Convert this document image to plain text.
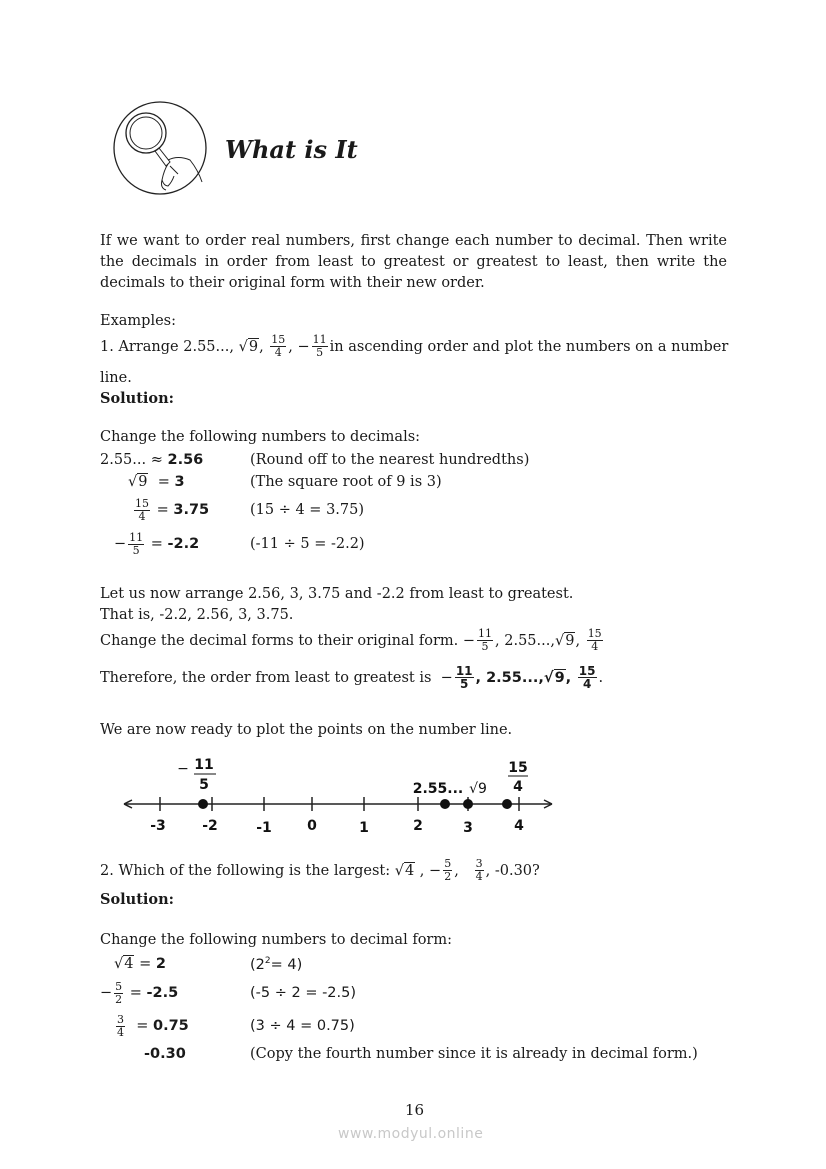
What is It
If we want to order real numbers, first change each number to decimal. Then write the decimals in order from least to greatest or greatest to least, then write the decimals to their original form with their new order.
Examples:
1. Arrange 2.55...,
√9 , $\frac{15}{4}$ , − $\frac{11}{5}$ in ascending order and plot the numbers on a number
line.
Solution:
Change the following numbers to decimals:
2.55... ≈ 2.56	(Round off to the nearest hundredths)
√9 = 3	(The square root of 9 is 3)
$\frac{15}{4}$
=
3.75	(15 ÷ 4 = 3.75)
− $\frac{11}{5}$
=
-2.2	(-11 ÷ 5 = -2.2)
Let us now arrange 2.56, 3, 3.75 and -2.2 from least to greatest.
That is, -2.2, 2.56, 3, 3.75.
Change the decimal forms to their original form. − $\frac{11}{5}$ , 2.55..., √9 , $\frac{15}{4}$
Therefore, the order from least to greatest is − $\frac{11}{5}$ , 2.55..., √9 ,
$\frac{15}{4}$ .
We are now ready to plot the points on the number line.
-3	-2	-1	0	1	2	3	4
− 11
5	2.55... √9
15
4
2. Which of the following is the largest:
√4 , − $\frac{5}{2}$ , $\frac{3}{4}$ , -0.30?
Solution:
Change the following numbers to decimal form:
√4 = 2	$(2^2= 4)$
− $\frac{5}{2}$
=
-2.5	(-5 ÷ 2 = -2.5)
$\frac{3}{4}$
=
0.75	(3 ÷ 4 = 0.75)
-0.30	(Copy the fourth number since it is already in decimal form.)
16
www.modyul.online
